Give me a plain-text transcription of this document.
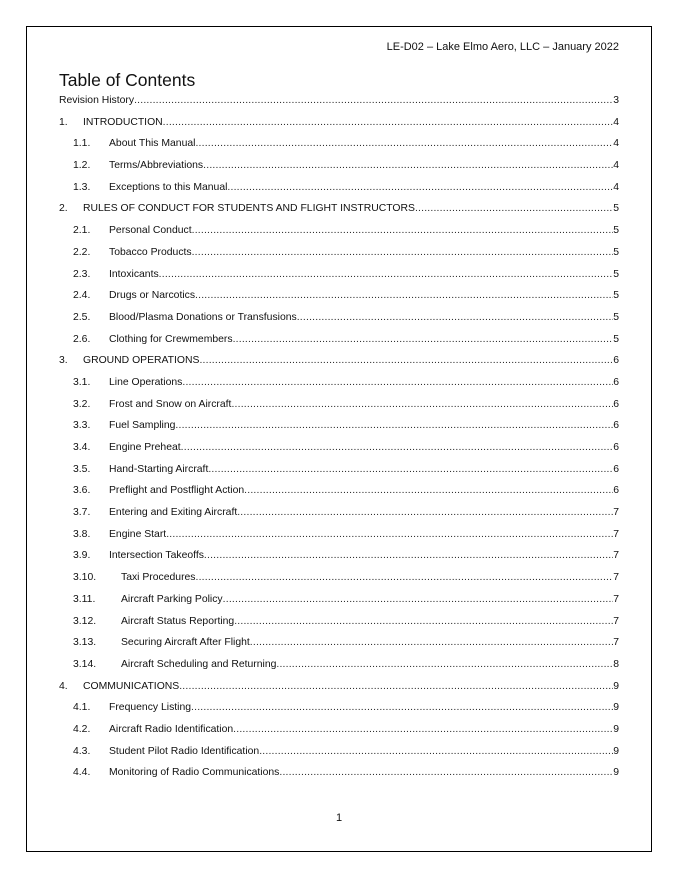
LE-D02 – Lake Elmo Aero, LLC – January 2022
Table of Contents
Revision History .....	3
1.	INTRODUCTION .....	4
1.1.	About This Manual .....	4
1.2.	Terms/Abbreviations .....	4
1.3.	Exceptions to this Manual .....	4
2.	RULES OF CONDUCT FOR STUDENTS AND FLIGHT INSTRUCTORS .....	5
2.1.	Personal Conduct .....	5
2.2.	Tobacco Products .....	5
2.3.	Intoxicants .....	5
2.4.	Drugs or Narcotics .....	5
2.5.	Blood/Plasma Donations or Transfusions .....	5
2.6.	Clothing for Crewmembers .....	5
3.	GROUND OPERATIONS .....	6
3.1.	Line Operations .....	6
3.2.	Frost and Snow on Aircraft .....	6
3.3.	Fuel Sampling .....	6
3.4.	Engine Preheat .....	6
3.5.	Hand-Starting Aircraft .....	6
3.6.	Preflight and Postflight Action .....	6
3.7.	Entering and Exiting Aircraft .....	7
3.8.	Engine Start .....	7
3.9.	Intersection Takeoffs .....	7
3.10.	Taxi Procedures .....	7
3.11.	Aircraft Parking Policy .....	7
3.12.	Aircraft Status Reporting .....	7
3.13.	Securing Aircraft After Flight .....	7
3.14.	Aircraft Scheduling and Returning .....	8
4.	COMMUNICATIONS .....	9
4.1.	Frequency Listing .....	9
4.2.	Aircraft Radio Identification .....	9
4.3.	Student Pilot Radio Identification .....	9
4.4.	Monitoring of Radio Communications .....	9
1
